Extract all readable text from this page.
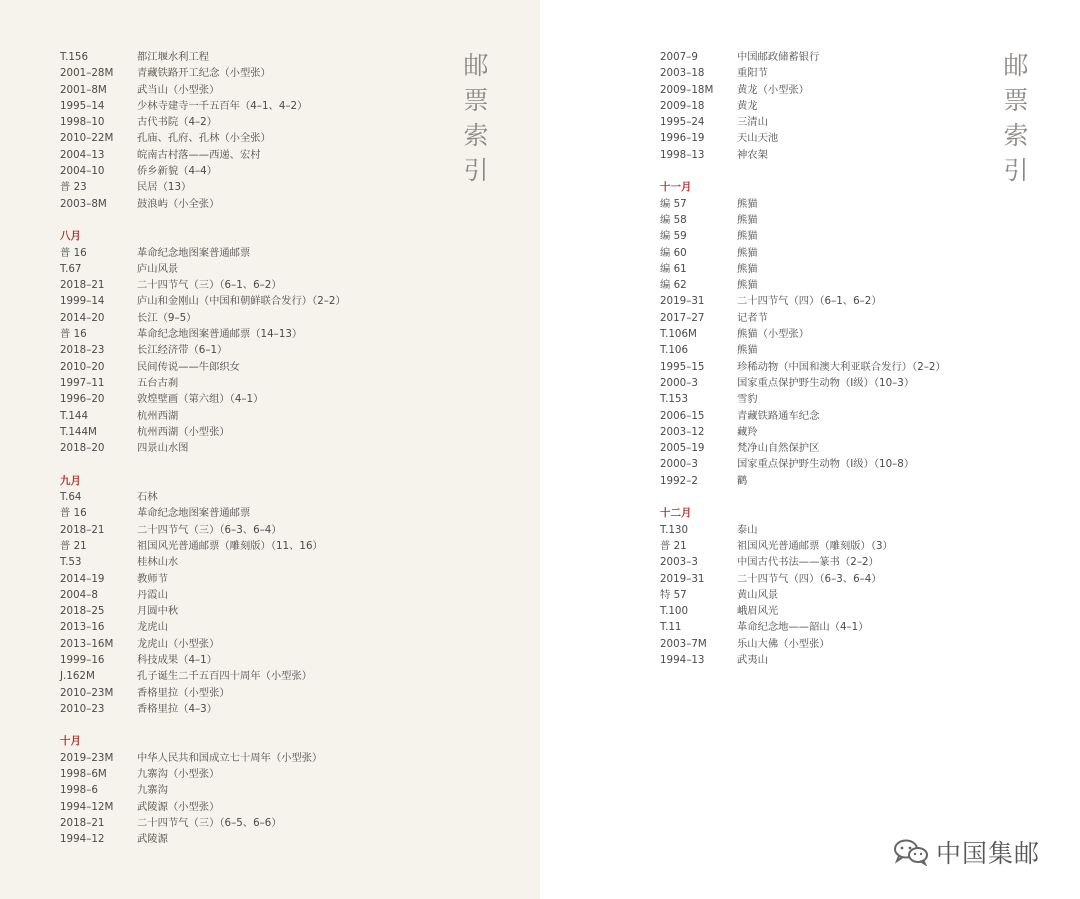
T.156	都江堰水利工程
2001–28M	青藏铁路开工纪念（小型张）
2001–8M	武当山（小型张）
1995–14	少林寺建寺一千五百年（4–1、4–2）
1998–10	古代书院（4–2）
2010–22M	孔庙、孔府、孔林（小全张）
2004–13	皖南古村落——西递、宏村
2004–10	侨乡新貌（4–4）
普 23	民居（13）
2003–8M	鼓浪屿（小全张）
八月
普 16	革命纪念地图案普通邮票
T.67	庐山风景
2018–21	二十四节气（三）（6–1、6–2）
1999–14	庐山和金刚山（中国和朝鲜联合发行）（2–2）
2014–20	长江（9–5）
普 16	革命纪念地图案普通邮票（14–13）
2018–23	长江经济带（6–1）
2010–20	民间传说——牛郎织女
1997–11	五台古刹
1996–20	敦煌壁画（第六组）（4–1）
T.144	杭州西湖
T.144M	杭州西湖（小型张）
2018–20	四景山水图
九月
T.64	石林
普 16	革命纪念地图案普通邮票
2018–21	二十四节气（三）（6–3、6–4）
普 21	祖国风光普通邮票（雕刻版）（11、16）
T.53	桂林山水
2014–19	教师节
2004–8	丹霞山
2018–25	月圆中秋
2013–16	龙虎山
2013–16M	龙虎山（小型张）
1999–16	科技成果（4–1）
J.162M	孔子诞生二千五百四十周年（小型张）
2010–23M	香格里拉（小型张）
2010–23	香格里拉（4–3）
十月
2019–23M	中华人民共和国成立七十周年（小型张）
1998–6M	九寨沟（小型张）
1998–6	九寨沟
1994–12M	武陵源（小型张）
2018–21	二十四节气（三）（6–5、6–6）
1994–12	武陵源
邮
票
索
引
2007–9	中国邮政储蓄银行
2003–18	重阳节
2009–18M	黄龙（小型张）
2009–18	黄龙
1995–24	三清山
1996–19	天山天池
1998–13	神农架
十一月
编 57	熊猫
编 58	熊猫
编 59	熊猫
编 60	熊猫
编 61	熊猫
编 62	熊猫
2019–31	二十四节气（四）（6–1、6–2）
2017–27	记者节
T.106M	熊猫（小型张）
T.106	熊猫
1995–15	珍稀动物（中国和澳大利亚联合发行）（2–2）
2000–3	国家重点保护野生动物（Ⅰ级）（10–3）
T.153	雪豹
2006–15	青藏铁路通车纪念
2003–12	藏羚
2005–19	梵净山自然保护区
2000–3	国家重点保护野生动物（Ⅰ级）（10–8）
1992–2	鹳
十二月
T.130	泰山
普 21	祖国风光普通邮票（雕刻版）（3）
2003–3	中国古代书法——篆书（2–2）
2019–31	二十四节气（四）（6–3、6–4）
特 57	黄山风景
T.100	峨眉风光
T.11	革命纪念地——韶山（4–1）
2003–7M	乐山大佛（小型张）
1994–13	武夷山
邮
票
索
引
中国集邮
